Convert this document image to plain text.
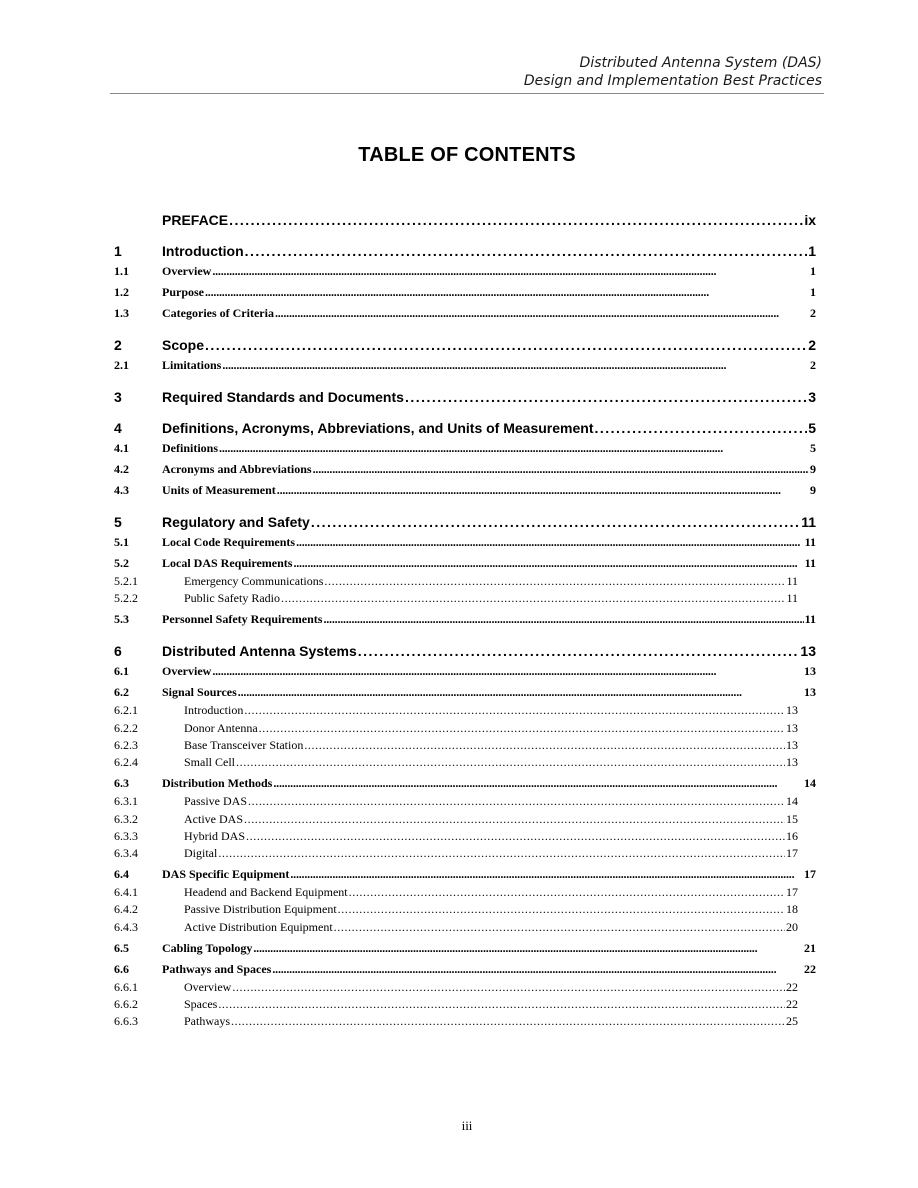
Distributed Antenna System (DAS)
Design and Implementation Best Practices
TABLE OF CONTENTS
PREFACE . . .	ix
1	Introduction . . .	1
1.1	Overview . . .	1
1.2	Purpose . . .	1
1.3	Categories of Criteria . . .	2
2	Scope . . .	2
2.1	Limitations . . .	2
3	Required Standards and Documents . . .	3
4	Definitions, Acronyms, Abbreviations, and Units of Measurement . . .	5
4.1	Definitions . . .	5
4.2	Acronyms and Abbreviations . . .	9
4.3	Units of Measurement . . .	9
5	Regulatory and Safety . . .	11
5.1	Local Code Requirements . . .	11
5.2	Local DAS Requirements . . .	11
5.2.1	Emergency Communications . . .	11
5.2.2	Public Safety Radio . . .	11
5.3	Personnel Safety Requirements . . .	11
6	Distributed Antenna Systems . . .	13
6.1	Overview . . .	13
6.2	Signal Sources . . .	13
6.2.1	Introduction . . .	13
6.2.2	Donor Antenna . . .	13
6.2.3	Base Transceiver Station . . .	13
6.2.4	Small Cell . . .	13
6.3	Distribution Methods . . .	14
6.3.1	Passive DAS . . .	14
6.3.2	Active DAS . . .	15
6.3.3	Hybrid DAS . . .	16
6.3.4	Digital . . .	17
6.4	DAS Specific Equipment . . .	17
6.4.1	Headend and Backend Equipment . . .	17
6.4.2	Passive Distribution Equipment . . .	18
6.4.3	Active Distribution Equipment . . .	20
6.5	Cabling Topology . . .	21
6.6	Pathways and Spaces . . .	22
6.6.1	Overview . . .	22
6.6.2	Spaces . . .	22
6.6.3	Pathways . . .	25
iii
